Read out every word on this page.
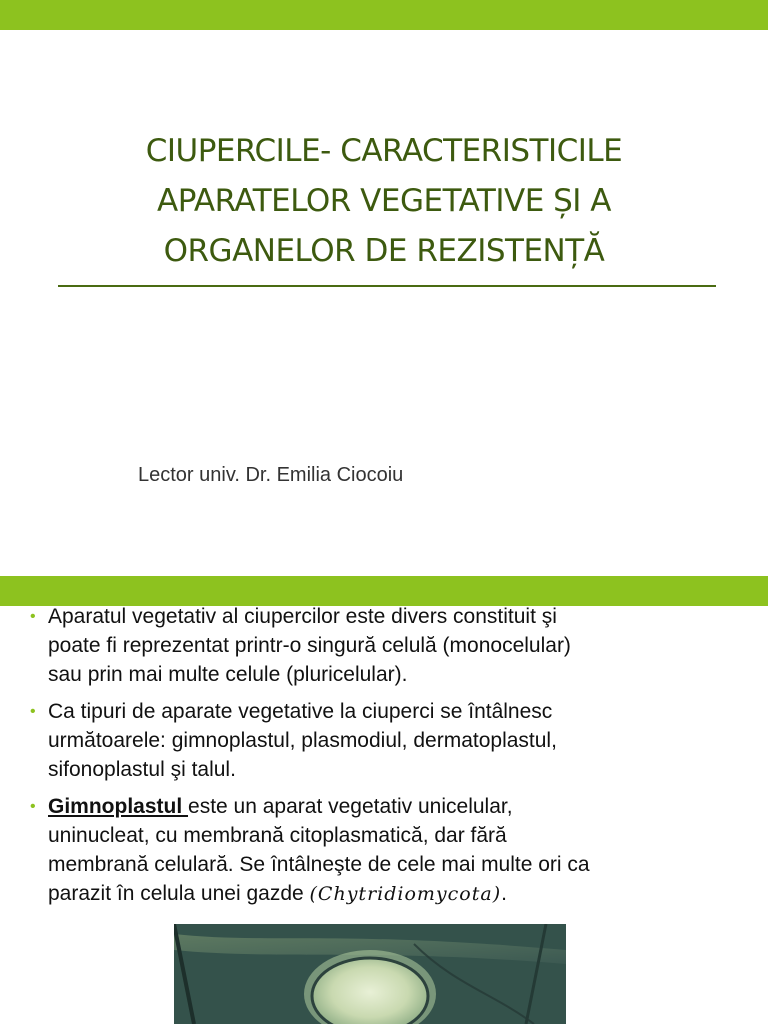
CIUPERCILE- CARACTERISTICILE
APARATELOR VEGETATIVE ȘI A
ORGANELOR DE REZISTENȚĂ
Lector univ. Dr. Emilia Ciocoiu
• Aparatul vegetativ al ciupercilor este divers constituit şi
poate fi reprezentat printr-o singură celulă (monocelular)
sau prin mai multe celule (pluricelular).
• Ca tipuri de aparate vegetative la ciuperci se întâlnesc
următoarele: gimnoplastul, plasmodiul, dermatoplastul,
sifonoplastul şi talul.
• Gimnoplastul este un aparat vegetativ unicelular,
uninucleat, cu membrană citoplasmatică, dar fără
membrană celulară. Se întâlneşte de cele mai multe ori ca
parazit în celula unei gazde (Chytridiomycota).
